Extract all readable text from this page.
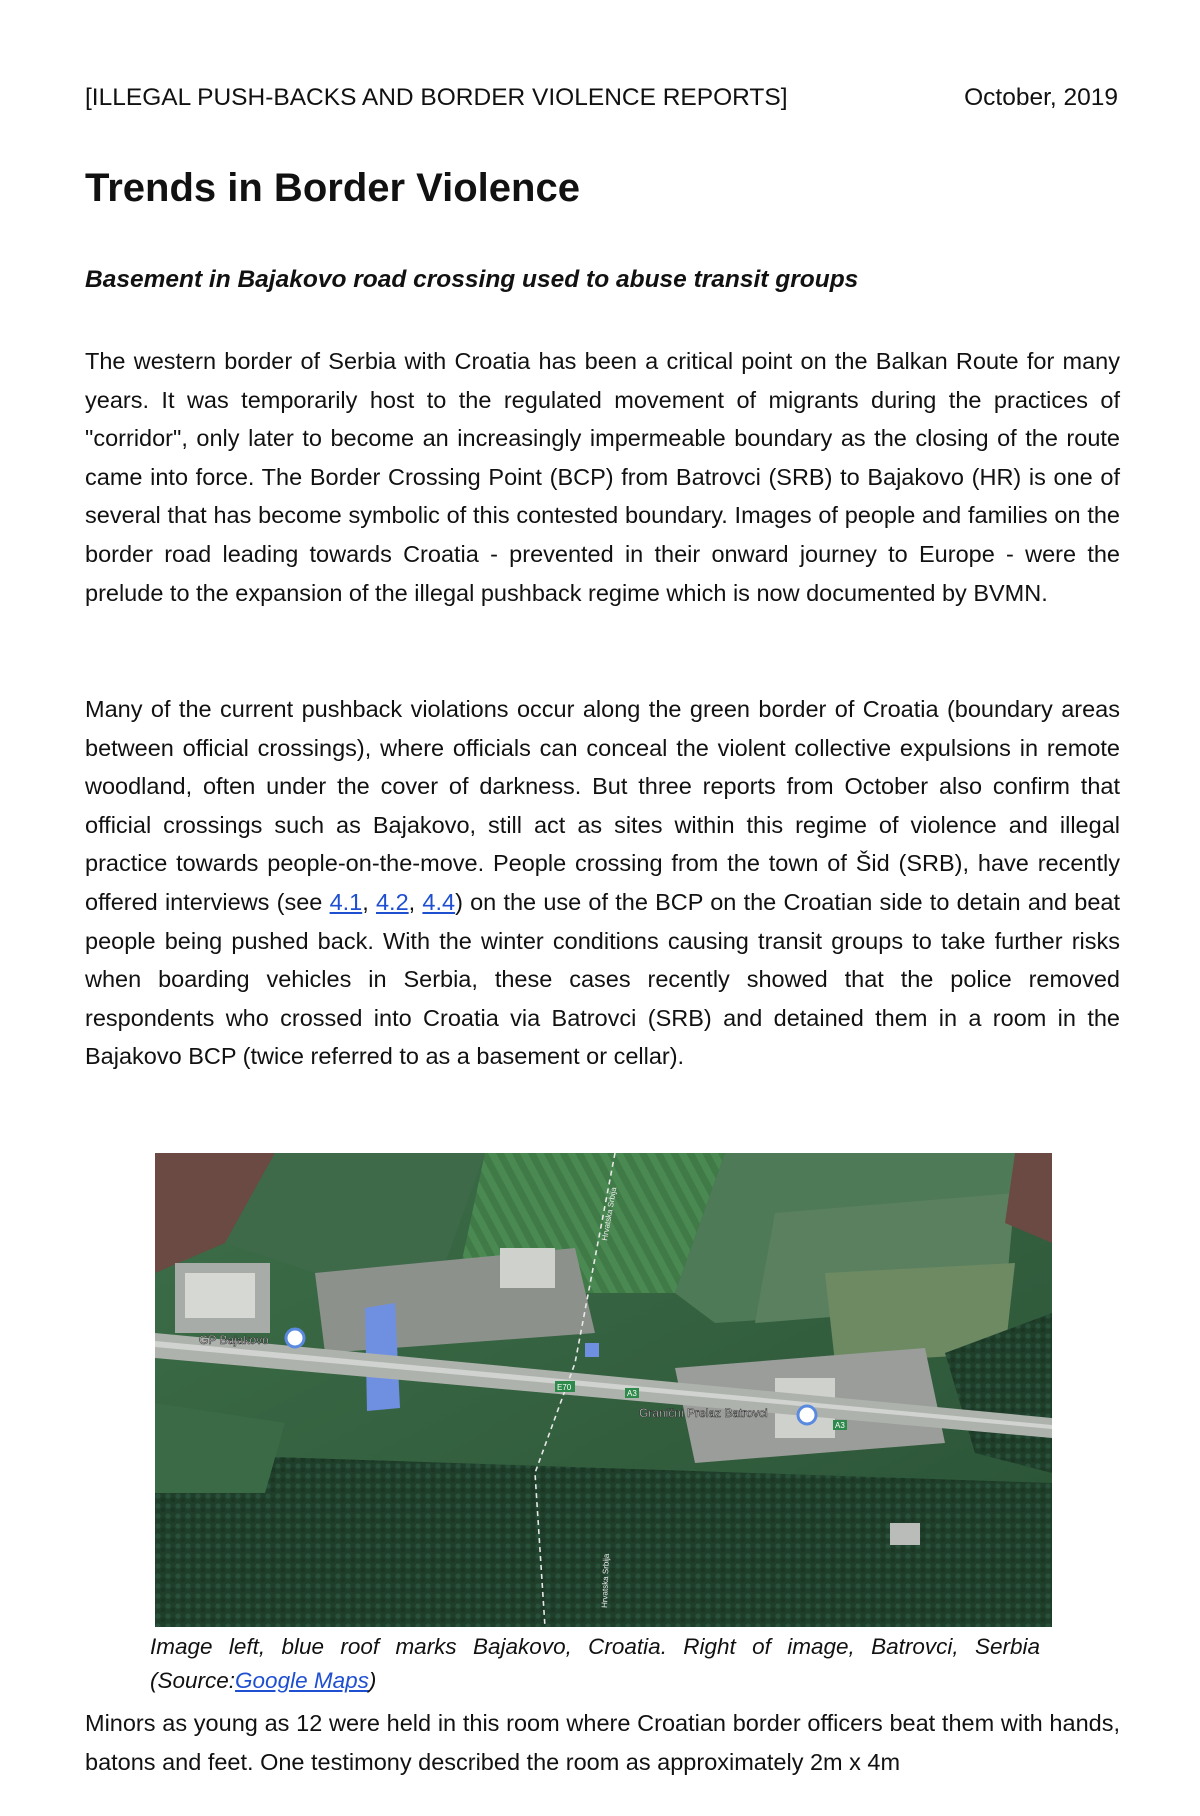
[ILLEGAL PUSH-BACKS AND BORDER VIOLENCE REPORTS]	October, 2019
Trends in Border Violence
Basement in Bajakovo road crossing used to abuse transit groups

The western border of Serbia with Croatia has been a critical point on the Balkan Route for many years. It was temporarily host to the regulated movement of migrants during the practices of "corridor", only later to become an increasingly impermeable boundary as the closing of the route came into force. The Border Crossing Point (BCP) from Batrovci (SRB) to Bajakovo (HR) is one of several that has become symbolic of this contested boundary. Images of people and families on the border road leading towards Croatia - prevented in their onward journey to Europe - were the prelude to the expansion of the illegal pushback regime which is now documented by BVMN.

Many of the current pushback violations occur along the green border of Croatia (boundary areas between official crossings), where officials can conceal the violent collective expulsions in remote woodland, often under the cover of darkness. But three reports from October also confirm that official crossings such as Bajakovo, still act as sites within this regime of violence and illegal practice towards people-on-the-move. People crossing from the town of Šid (SRB), have recently offered interviews (see 4.1, 4.2, 4.4) on the use of the BCP on the Croatian side to detain and beat people being pushed back. With the winter conditions causing transit groups to take further risks when boarding vehicles in Serbia, these cases recently showed that the police removed respondents who crossed into Croatia via Batrovci (SRB) and detained them in a room in the Bajakovo BCP (twice referred to as a basement or cellar).

GP Bajakovo
Granični Prelaz Batrovci
E70
A3
A3
Hrvatska Srbija
Hrvatska Srbija

Image left, blue roof marks Bajakovo, Croatia. Right of image, Batrovci, Serbia (Source:Google Maps)

Minors as young as 12 were held in this room where Croatian border officers beat them with hands, batons and feet. One testimony described the room as approximately 2m x 4m
